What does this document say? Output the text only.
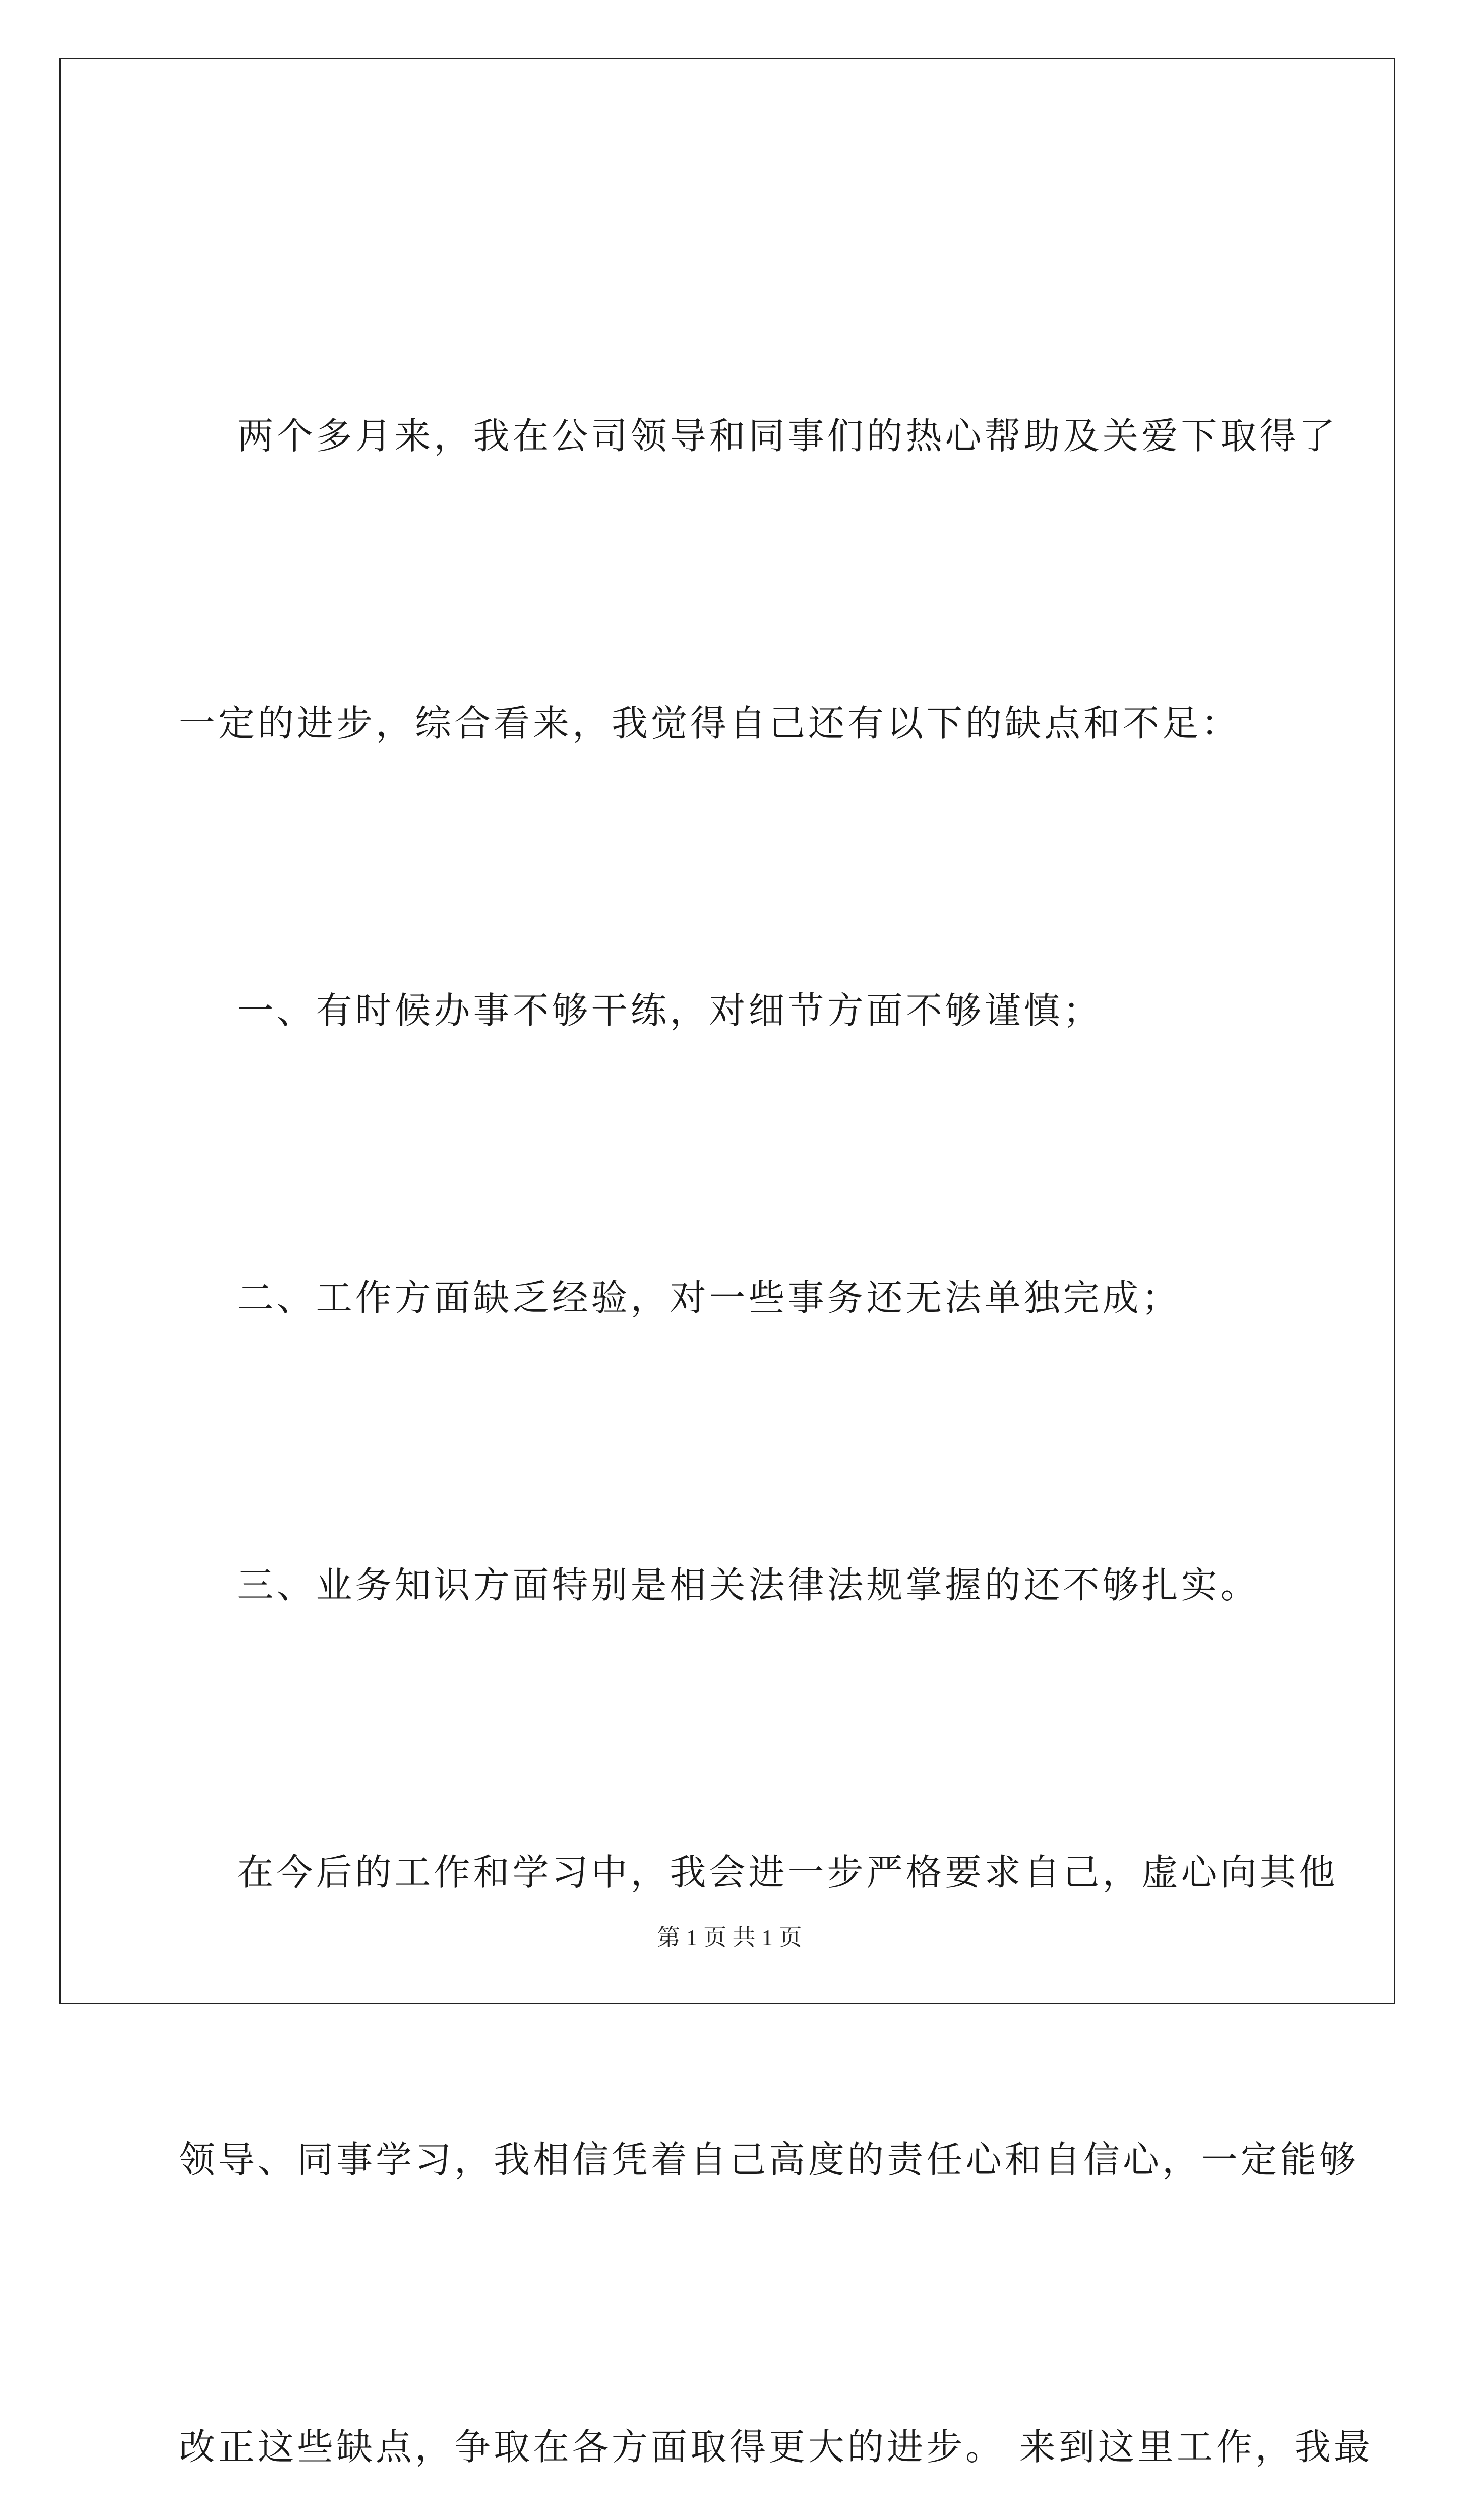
两个多月来，我在公司领导和同事们的热心帮助及关爱下取得了

一定的进步，综合看来，我觉得自己还有以下的缺点和不足：

一、有时候办事不够干练，对细节方面不够谨慎；

二、工作方面缺乏经验，对一些事务还无法单独完成；

三、业务知识方面特别是相关法律法规掌握的还不够扎实。

在今后的工作和学习中，我会进一步严格要求自己，虚心向其他

领导、同事学习，我相信凭着自己高度的责任心和自信心，一定能够

改正这些缺点，争取在各方面取得更大的进步。 来到这里工作，我最

第 1 页 共 1 页
